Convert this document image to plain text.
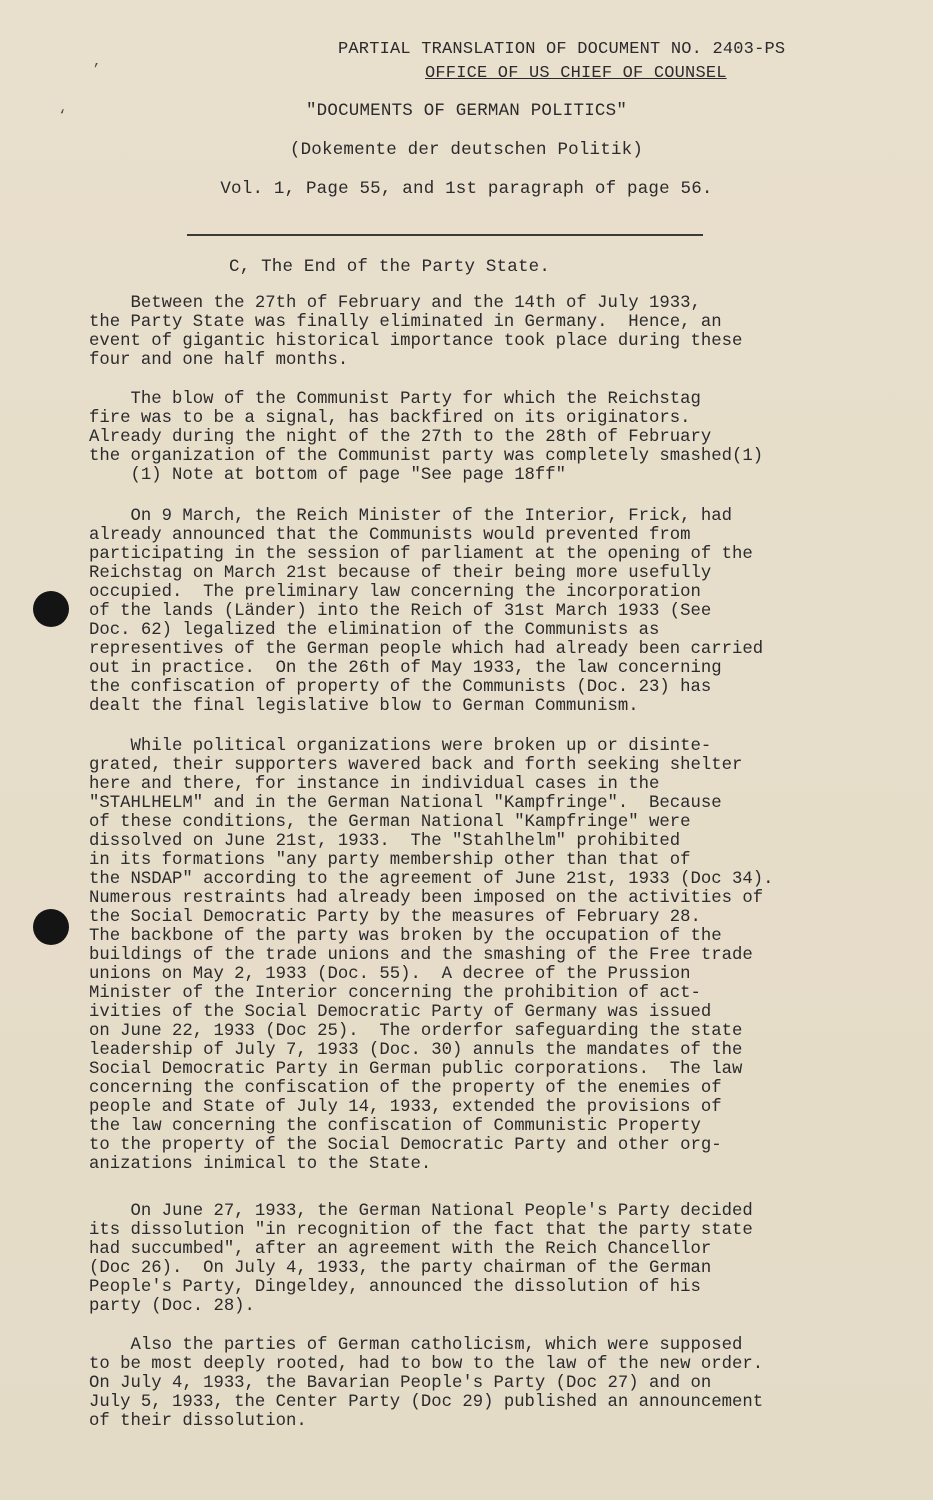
’
‘
PARTIAL TRANSLATION OF DOCUMENT NO. 2403-PS
OFFICE OF US CHIEF OF COUNSEL
"DOCUMENTS OF GERMAN POLITICS"
(Dokemente der deutschen Politik)
Vol. 1, Page 55, and 1st paragraph of page 56.
C, The End of the Party State.
Between the 27th of February and the 14th of July 1933,
the Party State was finally eliminated in Germany.  Hence, an
event of gigantic historical importance took place during these
four and one half months.
The blow of the Communist Party for which the Reichstag
fire was to be a signal, has backfired on its originators.
Already during the night of the 27th to the 28th of February
the organization of the Communist party was completely smashed(1)
(1) Note at bottom of page "See page 18ff"
On 9 March, the Reich Minister of the Interior, Frick, had
already announced that the Communists would prevented from
participating in the session of parliament at the opening of the
Reichstag on March 21st because of their being more usefully
occupied.  The preliminary law concerning the incorporation
of the lands (Länder) into the Reich of 31st March 1933 (See
Doc. 62) legalized the elimination of the Communists as
representives of the German people which had already been carried
out in practice.  On the 26th of May 1933, the law concerning
the confiscation of property of the Communists (Doc. 23) has
dealt the final legislative blow to German Communism.
While political organizations were broken up or disinte-
grated, their supporters wavered back and forth seeking shelter
here and there, for instance in individual cases in the
"STAHLHELM" and in the German National "Kampfringe".  Because
of these conditions, the German National "Kampfringe" were
dissolved on June 21st, 1933.  The "Stahlhelm" prohibited
in its formations "any party membership other than that of
the NSDAP" according to the agreement of June 21st, 1933 (Doc 34).
Numerous restraints had already been imposed on the activities of
the Social Democratic Party by the measures of February 28.
The backbone of the party was broken by the occupation of the
buildings of the trade unions and the smashing of the Free trade
unions on May 2, 1933 (Doc. 55).  A decree of the Prussion
Minister of the Interior concerning the prohibition of act-
ivities of the Social Democratic Party of Germany was issued
on June 22, 1933 (Doc 25).  The orderfor safeguarding the state
leadership of July 7, 1933 (Doc. 30) annuls the mandates of the
Social Democratic Party in German public corporations.  The law
concerning the confiscation of the property of the enemies of
people and State of July 14, 1933, extended the provisions of
the law concerning the confiscation of Communistic Property
to the property of the Social Democratic Party and other org-
anizations inimical to the State.
On June 27, 1933, the German National People's Party decided
its dissolution "in recognition of the fact that the party state
had succumbed", after an agreement with the Reich Chancellor
(Doc 26).  On July 4, 1933, the party chairman of the German
People's Party, Dingeldey, announced the dissolution of his
party (Doc. 28).
Also the parties of German catholicism, which were supposed
to be most deeply rooted, had to bow to the law of the new order.
On July 4, 1933, the Bavarian People's Party (Doc 27) and on
July 5, 1933, the Center Party (Doc 29) published an announcement
of their dissolution.
